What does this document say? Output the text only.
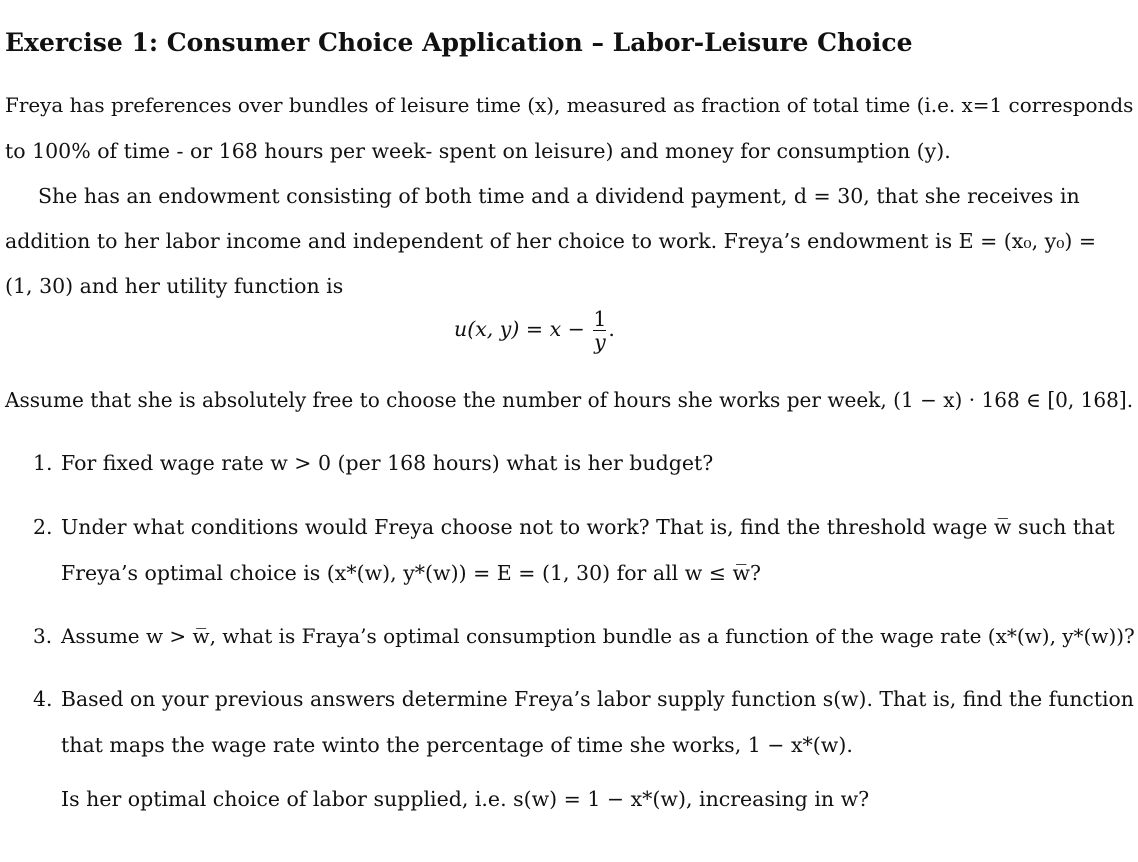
Exercise 1: Consumer Choice Application – Labor-Leisure Choice
Freya has preferences over bundles of leisure time (x), measured as fraction of total time (i.e. x=1 corresponds
to 100% of time - or 168 hours per week- spent on leisure) and money for consumption (y).
She has an endowment consisting of both time and a dividend payment, d = 30, that she receives in
addition to her labor income and independent of her choice to work. Freya’s endowment is E = (x₀, y₀) =
(1, 30) and her utility function is
u(x, $y) = x - \frac{1}{y}$ .
Assume that she is absolutely free to choose the number of hours she works per week, (1 − x) · 168 ∈ [0, 168].
1. For fixed wage rate w > 0 (per 168 hours) what is her budget?
2. Under what conditions would Freya choose not to work? That is, find the threshold wage w̅ such that
Freya’s optimal choice is (x*(w), y*(w)) = E = (1, 30) for all w ≤ w̅?
3. Assume w > w̅, what is Fraya’s optimal consumption bundle as a function of the wage rate (x*(w), y*(w))?
4. Based on your previous answers determine Freya’s labor supply function s(w). That is, find the function
that maps the wage rate winto the percentage of time she works, 1 − x*(w).
Is her optimal choice of labor supplied, i.e. s(w) = 1 − x*(w), increasing in w?
